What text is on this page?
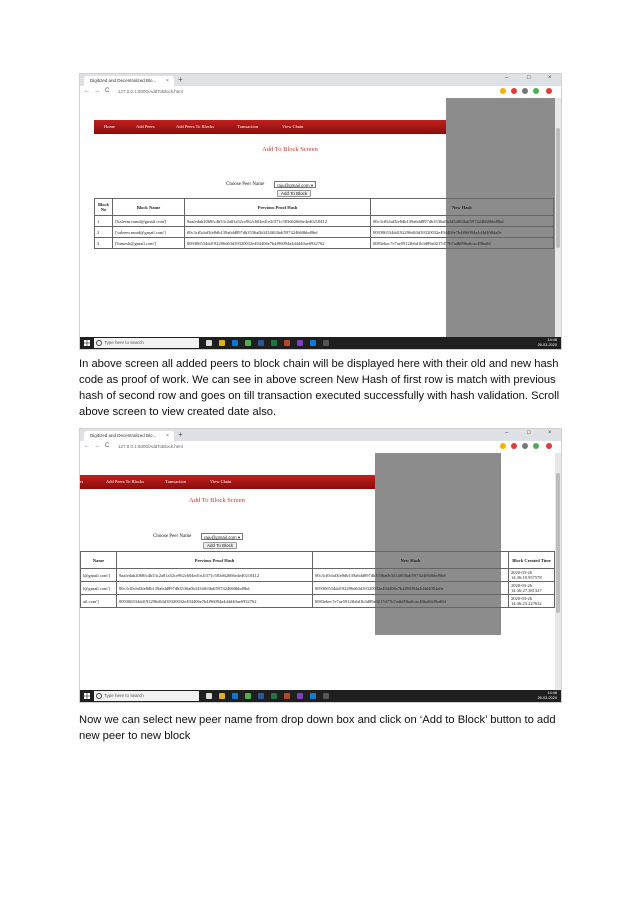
Digitized and Decentralized Blo... × +	–	□	×
← → C 127.0.0.1:8000/AddToBlock.html
Home	Add Peers	Add Peers To Blocks	Transaction	View Chain
Add To Block Screen
Choose Peer Name	raju@gmail.com ▾
Add To Block
Block No	Block Name	Previous Proof Hash	New Hash
1	['kaleem.mmd@gmail.com']	9aafedab2068fc4b53c2a81a52ce962c604ed1e2f371c583d62666e4ed0210412	00c3cf0cbd3fe8db139a6dd897db3536a0b3434f63bdf597424660bbd9bd
2	['saleem.mmd@gmail.com']	00c3cf0cbd3fe8db139a6dd897db3536a0b3434f63bdf597424660bbd9bd	009306534dd192296d63d39320032e494406e7b4f96094a4d4d4004a0e
3	['bimesh@gmail.com']	009306534dd192296d63d39320032e494406e7b4f96094a4d4d40ae6932762	0083ebec7e7ae5912fb6d1b3d89a0217d77b7adb09ba6cac48ba0d
Type here to search	14:46
26-03-2020
In above screen all added peers to block chain will be displayed here with their old and new hash
code as proof of work. We can see in above screen New Hash of first row is match with previous
hash of second row and goes on till transaction executed successfully with hash validation. Scroll
above screen to view created date also.
Digitized and Decentralized Blo... × +	–	□	×
← → C 127.0.0.1:8000/AddToBlock.html
ers	Add Peers To Blocks	Transaction	View Chain
Add To Block Screen
Choose Peer Name	raju@gmail.com ▾
Add To Block
Name	Previous Proof Hash	New Hash	Block Created Time
l@gmail.com']	9aafedab2068fc4b53c2a81a52ce962c604ed1e2f371c583d62666e4ed0210412	00c3cf0cbd3fe8db139a6dd897db3536a0b3434f63bdf597424660bbd9bd	2020-03-26 14:36:19.957578
l@gmail.com']	00c3cf0cbd3fe8db139a6dd897db3536a0b3434f63bdf597424660bbd9bd	009306534dd192296d63d39320032e494406e7b4f96094a4d4d4004a0e	2020-03-26 14:36:27.381327
ail.com']	009306534dd192296d63d39320032e494406e7b4f96094a4d4d40ae6932762	0083ebec7e7ae5912fb6d1b3d89a0217d77b7adb09ba6cac48ba0dd9ed0d	2020-03-26 14:36:23.227632
Type here to search	14:46
26-03-2020
Now we can select new peer name from drop down box and click on ‘Add to Block’ button to add
new peer to new block
